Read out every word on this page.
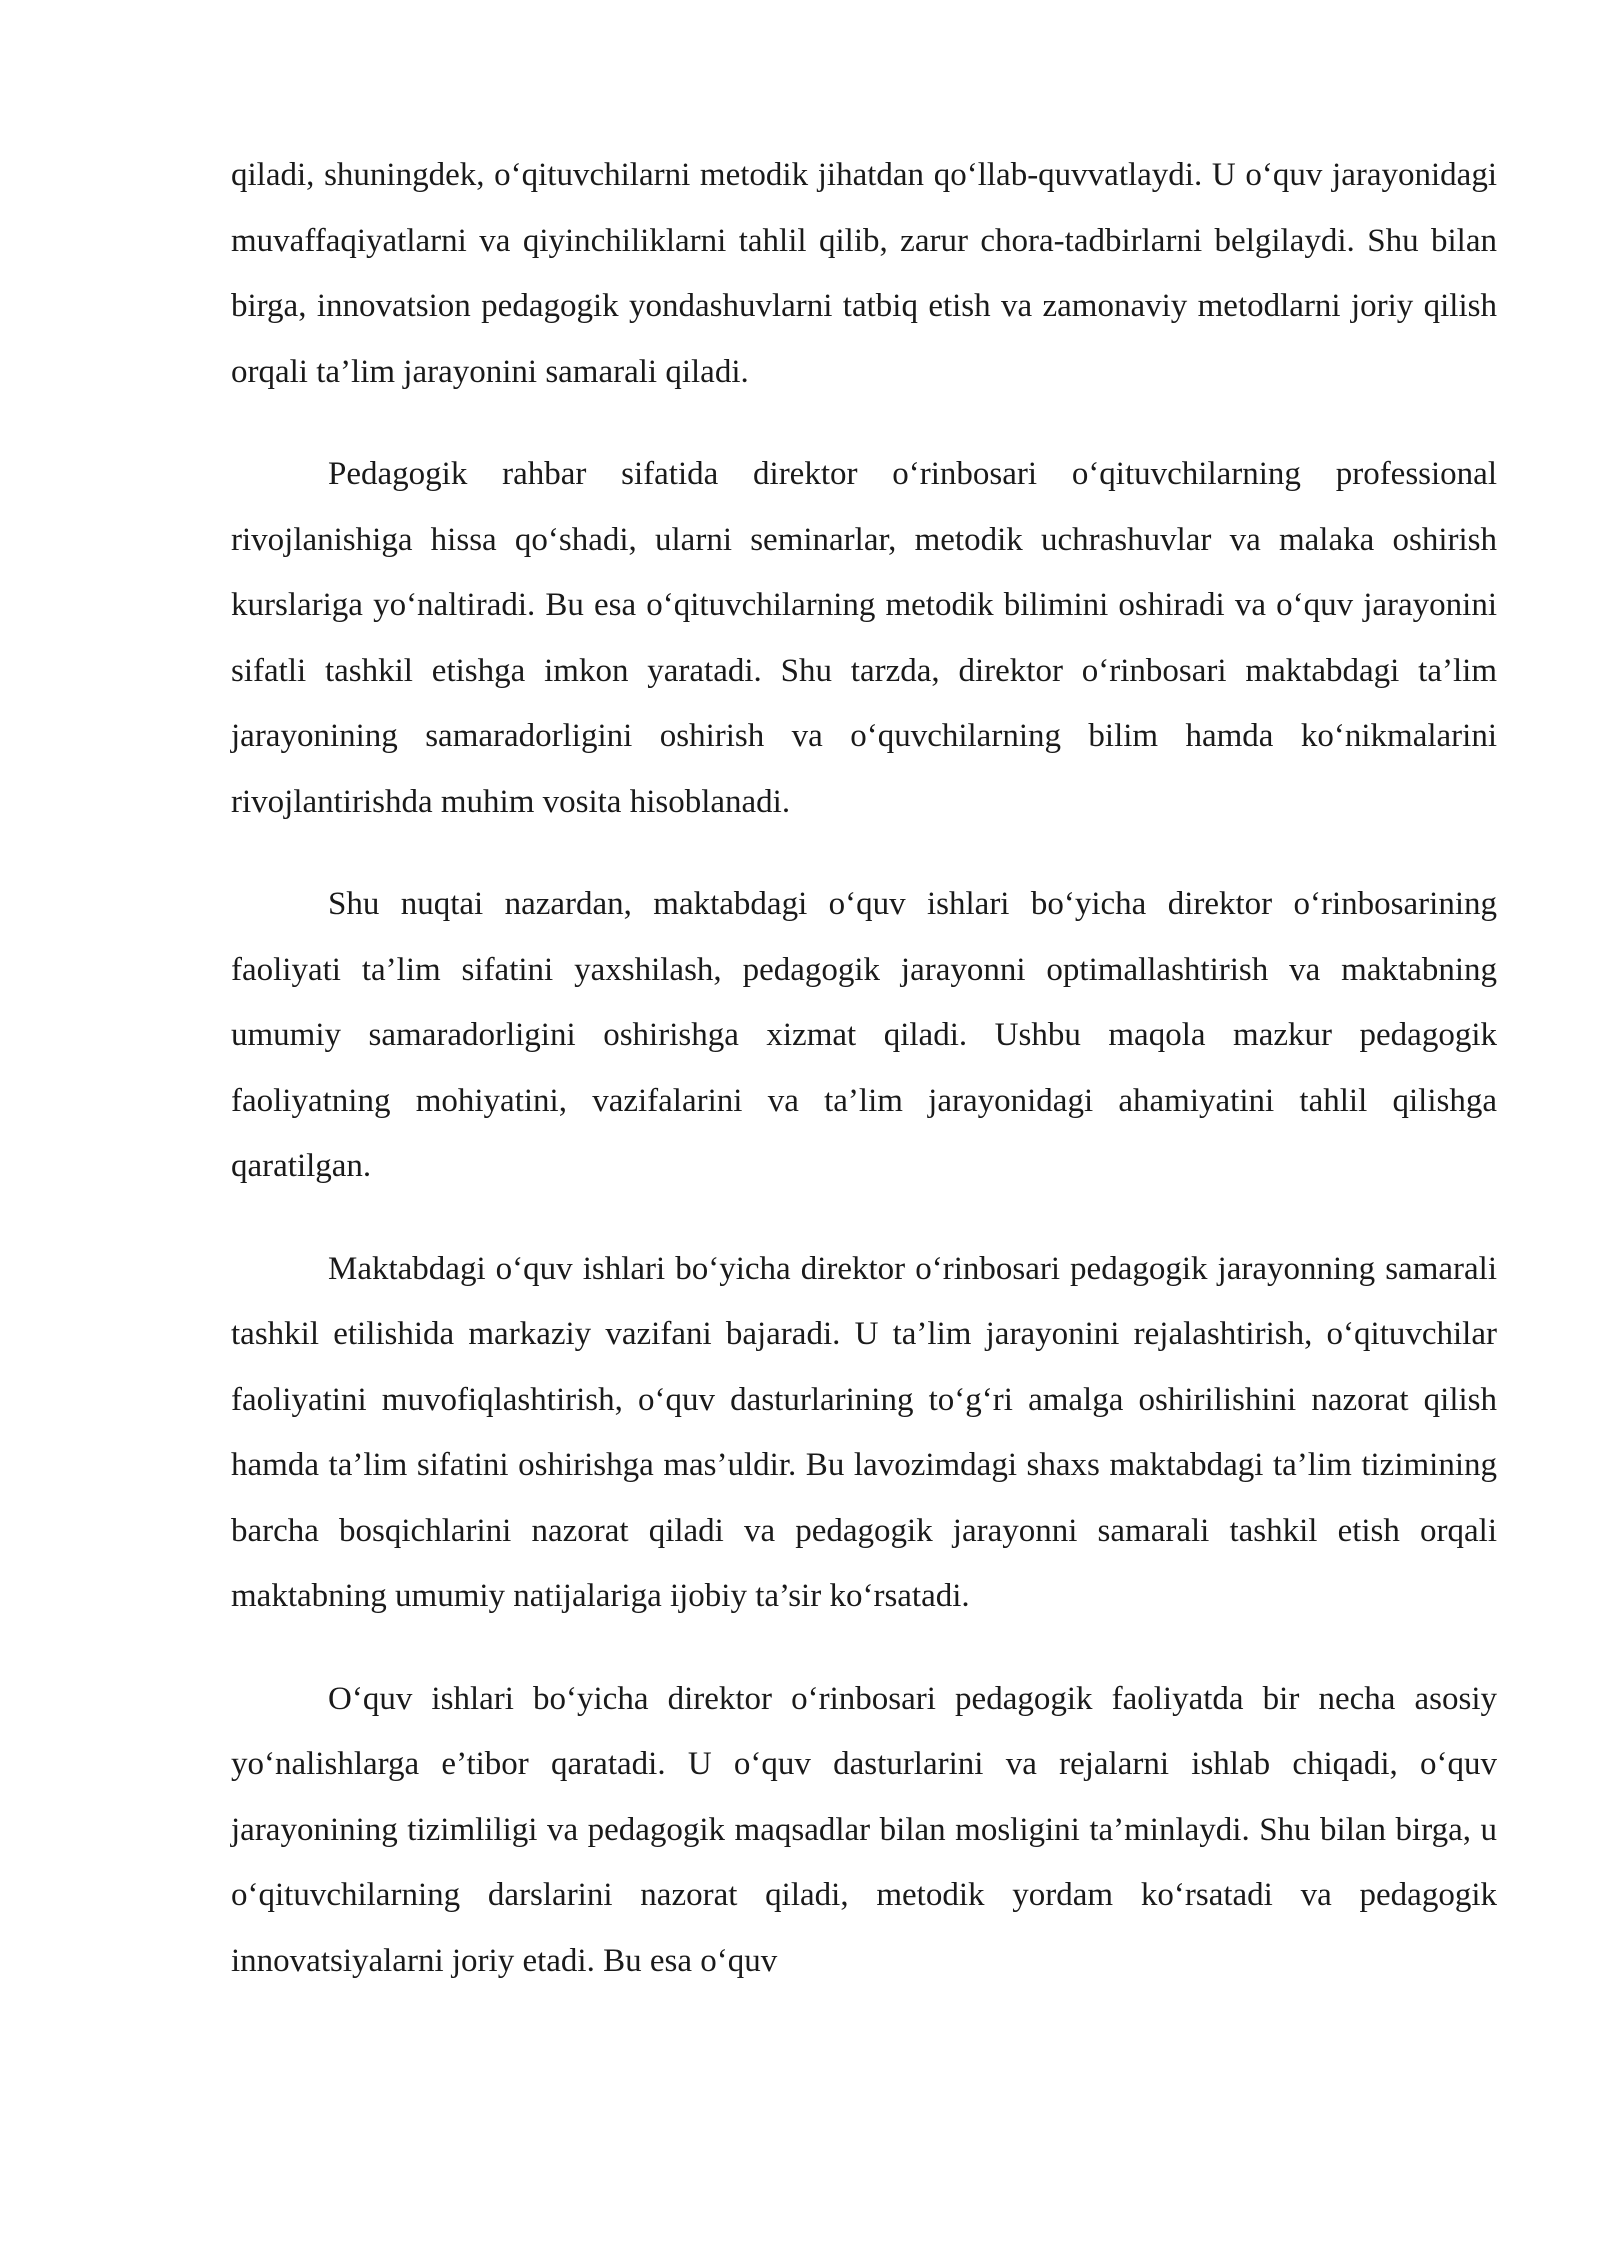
qiladi, shuningdek, o‘qituvchilarni metodik jihatdan qo‘llab-quvvatlaydi. U o‘quv jarayonidagi muvaffaqiyatlarni va qiyinchiliklarni tahlil qilib, zarur chora-tadbirlarni belgilaydi. Shu bilan birga, innovatsion pedagogik yondashuvlarni tatbiq etish va zamonaviy metodlarni joriy qilish orqali ta’lim jarayonini samarali qiladi.

Pedagogik rahbar sifatida direktor o‘rinbosari o‘qituvchilarning professional rivojlanishiga hissa qo‘shadi, ularni seminarlar, metodik uchrashuvlar va malaka oshirish kurslariga yo‘naltiradi. Bu esa o‘qituvchilarning metodik bilimini oshiradi va o‘quv jarayonini sifatli tashkil etishga imkon yaratadi. Shu tarzda, direktor o‘rinbosari maktabdagi ta’lim jarayonining samaradorligini oshirish va o‘quvchilarning bilim hamda ko‘nikmalarini rivojlantirishda muhim vosita hisoblanadi.

Shu nuqtai nazardan, maktabdagi o‘quv ishlari bo‘yicha direktor o‘rinbosarining faoliyati ta’lim sifatini yaxshilash, pedagogik jarayonni optimallashtirish va maktabning umumiy samaradorligini oshirishga xizmat qiladi. Ushbu maqola mazkur pedagogik faoliyatning mohiyatini, vazifalarini va ta’lim jarayonidagi ahamiyatini tahlil qilishga qaratilgan.

Maktabdagi o‘quv ishlari bo‘yicha direktor o‘rinbosari pedagogik jarayonning samarali tashkil etilishida markaziy vazifani bajaradi. U ta’lim jarayonini rejalashtirish, o‘qituvchilar faoliyatini muvofiqlashtirish, o‘quv dasturlarining to‘g‘ri amalga oshirilishini nazorat qilish hamda ta’lim sifatini oshirishga mas’uldir. Bu lavozimdagi shaxs maktabdagi ta’lim tizimining barcha bosqichlarini nazorat qiladi va pedagogik jarayonni samarali tashkil etish orqali maktabning umumiy natijalariga ijobiy ta’sir ko‘rsatadi.

O‘quv ishlari bo‘yicha direktor o‘rinbosari pedagogik faoliyatda bir necha asosiy yo‘nalishlarga e’tibor qaratadi. U o‘quv dasturlarini va rejalarni ishlab chiqadi, o‘quv jarayonining tizimliligi va pedagogik maqsadlar bilan mosligini ta’minlaydi. Shu bilan birga, u o‘qituvchilarning darslarini nazorat qiladi, metodik yordam ko‘rsatadi va pedagogik innovatsiyalarni joriy etadi. Bu esa o‘quv
